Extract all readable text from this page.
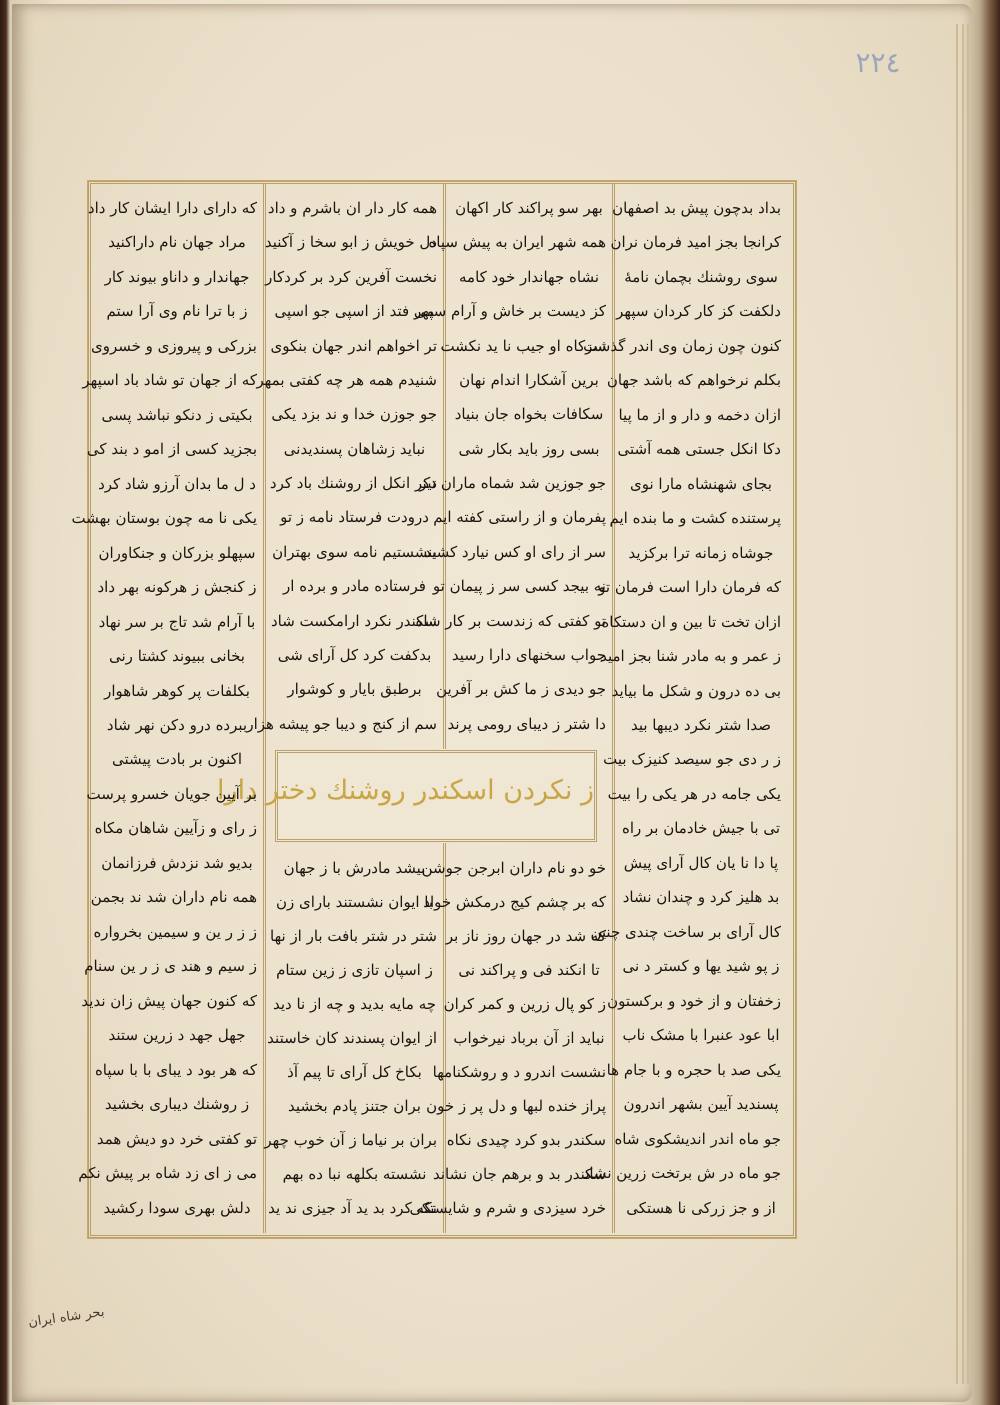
٢٢٤
ز نکردن اسکندر روشنك دختر دارا
بداد بدچون پیش بد اصفهان
کرانجا بجز امید فرمان نران
سوی روشنك بچمان نامهٔ
دلکفت کز کار کردان سپهر
کنون چون زمان وی اندر گذشت
بکلم نرخواهم که باشد جهان
ازان دخمه و دار و از ما پیا
دکا انکل جستی همه آشتی
بجای شهنشاه مارا نوی
پرستنده کشت و ما بنده ایم
جوشاه زمانه ترا برکزید
که فرمان دارا است فرمان تو
ازان تخت تا بین و ان دستکاه
ز عمر و به مادر شنا بجز امید
بی ده درون و شکل ما بیاید
صدا شتر نکرد دیبها بید
ز ر دی جو سیصد کنیزک بیت
یکی جامه در هر یکی را بیت
تی با جیش خادمان بر راه
پا دا نا یان کال آرای پیش
بد هلیز کرد و چندان نشاد
کال آرای بر ساخت چندی چنین
ز پو شید یها و کستر د نی
زخفتان و از خود و برکستون
ابا عود عنبرا با مشک ناب
یکی صد با حجره و با جام ها
پسندید آیین بشهر اندرون
جو ماه اندر اندیشکوی شاه
جو ماه در ش برتخت زرین نشاد
از و جز زرکی نا هستکی
بهر سو پراکند کار اکهان
همه شهر ایران به پیش سپاه
نشاه جهاندار خود کامه
کز دیست بر خاش و آرام سپهر
سرکاه او جیب نا ید نکشت
برین آشکارا اندام نهان
سکافات بخواه جان بنیاد
بسی روز باید بکار شی
جو جوزین شد شماه ماران تیز
پفرمان و از راستی کفته ایم
سر از رای او کس نیارد کشید
نه بیجد کسی سر ز پیمان تو
تو کفتی که زندست بر کار شاه
جواب سخنهای دارا رسید
جو دیدی ز ما کش بر آفرین
دا شتر ز دیبای رومی پرند
همه کار دار ان باشرم و داد
دل خویش ز ابو سخا ز آکنید
نخست آفرین کرد بر کردکار
می فتد از اسپی جو اسپی
تر اخواهم اندر جهان بنکوی
شنیدم همه هر چه کفتی بمهر
جو جوزن خدا و ند بزد یکی
نباید زشاهان پسندیدنی
دکر انکل از روشنك باد کرد
درودت فرستاد نامه ز تو
بنشستیم نامه سوی بهتران
فرستاده مادر و برده ار
سکندر نکرد ارامکست شاد
بدکفت کرد کل آرای شی
برطبق بایار و کوشوار
سم از کنج و دیبا جو پیشه هزار
که دارای دارا ایشان کار داد
مراد جهان نام داراکنید
جهاندار و داناو بیوند کار
ز با ترا نام وی آرا ستم
بزرکی و پیروزی و خسروی
که از جهان تو شاد باد اسپهر
بکیتی ز دنکو نباشد پسی
بجزید کسی از امو د بند کی
د ل ما بدان آرزو شاد کرد
یکی نا مه چون بوستان بهشت
سپهلو بزرکان و جنکاوران
ز کنجش ز هرکونه بهر داد
با آرام شد تاج بر سر نهاد
بخانی ببیوند کشتا رنی
بکلفات پر کوهر شاهوار
ببرده درو دکن نهر شاد
اکنون بر بادت پیشتی
بر آیین جویان خسرو پرست
ز رای و زآیین شاهان مکاه
بدیو شد نزدش فرزانمان
همه نام داران شد ند بجمن
ز ز ر ین و سیمین بخرواره
ز سیم و هند ی ز ر ین سنام
که کنون جهان پیش زان ندید
جهل جهد د زرین ستند
که هر بود د یبای با با سپاه
ز روشنك دیباری بخشید
تو کفتی خرد دو دیش همد
می ز ای زد شاه بر پیش نکم
دلش بهری سودا رکشید
خو دو نام داران ابرجن جوشن
که بر چشم کیج درمکش خواد
که شد در جهان روز ناز بر
تا انکند فی و پراکند نی
ز کو پال زرین و کمر کران
نباید از آن برباد نیرخواب
نشست اندرو د و روشکنامها
پراز خنده لبها و دل پر ز خون
سکندر بدو کرد چیدی نکاه
سکندر بد و برهم جان نشاند
خرد سیزدی و شرم و شایستکی
بیشد مادرش با ز جهان
با ایوان نشستند بارای زن
شتر در شتر بافت بار از نها
ز اسپان تازی ز زین ستام
چه مایه بدید و چه از نا دید
از ایوان پسندند کان خاستند
بکاخ کل آرای تا پیم آذ
بران جتنز پادم بخشید
بران بر نیاما ز آن خوب چهر
نشسته بکلهه نبا ده بهم
نکه کرد بد ید آد جیزی ند ید
بحر شاه ایران
